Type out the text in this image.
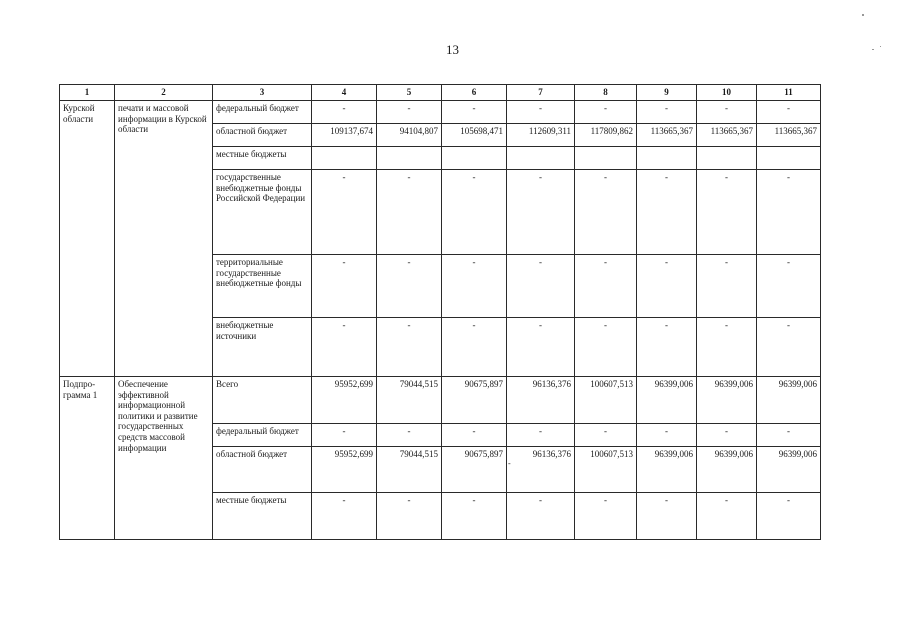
13
1	2	3	4	5	6	7	8	9	10	11
Курской области	печати и массовой информации в Курской области	федеральный бюджет	-	-	-	-	-	-	-	-
		областной бюджет	109137,674	94104,807	105698,471	112609,311	117809,862	113665,367	113665,367	113665,367
		местные бюджеты								
		государственные внебюджетные фонды Российской Федерации	-	-	-	-	-	-	-	-
		территориальные государственные внебюджетные фонды	-	-	-	-	-	-	-	-
		внебюджетные источники	-	-	-	-	-	-	-	-
Подпро-грамма 1	Обеспечение эффективной информационной политики и развитие государственных средств массовой информации	Всего	95952,699	79044,515	90675,897	96136,376	100607,513	96399,006	96399,006	96399,006
		федеральный бюджет	-	-	-	-	-	-	-	-
		областной бюджет	95952,699	79044,515	90675,897	96136,376	100607,513	96399,006	96399,006	96399,006
		местные бюджеты	-	-	-	-	-	-	-	-
-
